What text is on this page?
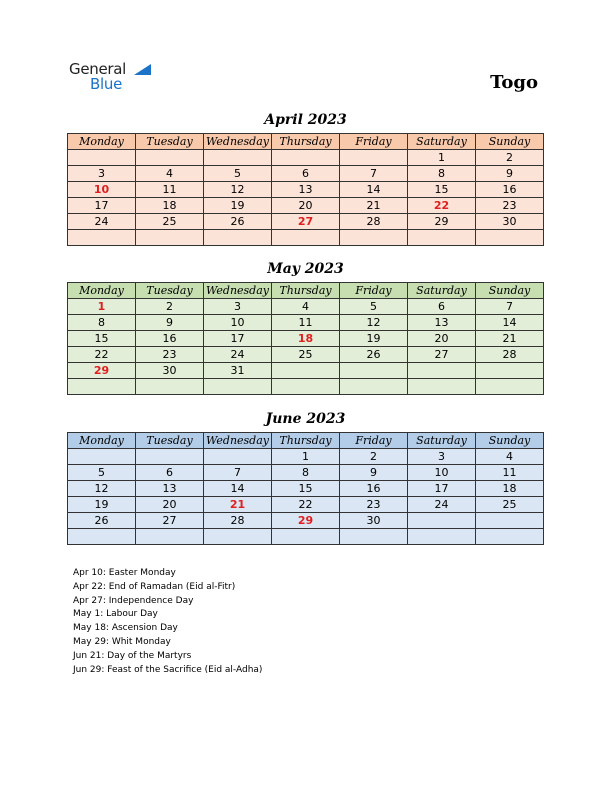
General
Blue	Togo
April 2023
Monday	Tuesday	Wednesday	Thursday	Friday	Saturday	Sunday
					1	2
3	4	5	6	7	8	9
10	11	12	13	14	15	16
17	18	19	20	21	22	23
24	25	26	27	28	29	30

May 2023
Monday	Tuesday	Wednesday	Thursday	Friday	Saturday	Sunday
1	2	3	4	5	6	7
8	9	10	11	12	13	14
15	16	17	18	19	20	21
22	23	24	25	26	27	28
29	30	31				

June 2023
Monday	Tuesday	Wednesday	Thursday	Friday	Saturday	Sunday
			1	2	3	4
5	6	7	8	9	10	11
12	13	14	15	16	17	18
19	20	21	22	23	24	25
26	27	28	29	30		

Apr 10: Easter Monday
Apr 22: End of Ramadan (Eid al-Fitr)
Apr 27: Independence Day
May 1: Labour Day
May 18: Ascension Day
May 29: Whit Monday
Jun 21: Day of the Martyrs
Jun 29: Feast of the Sacrifice (Eid al-Adha)
